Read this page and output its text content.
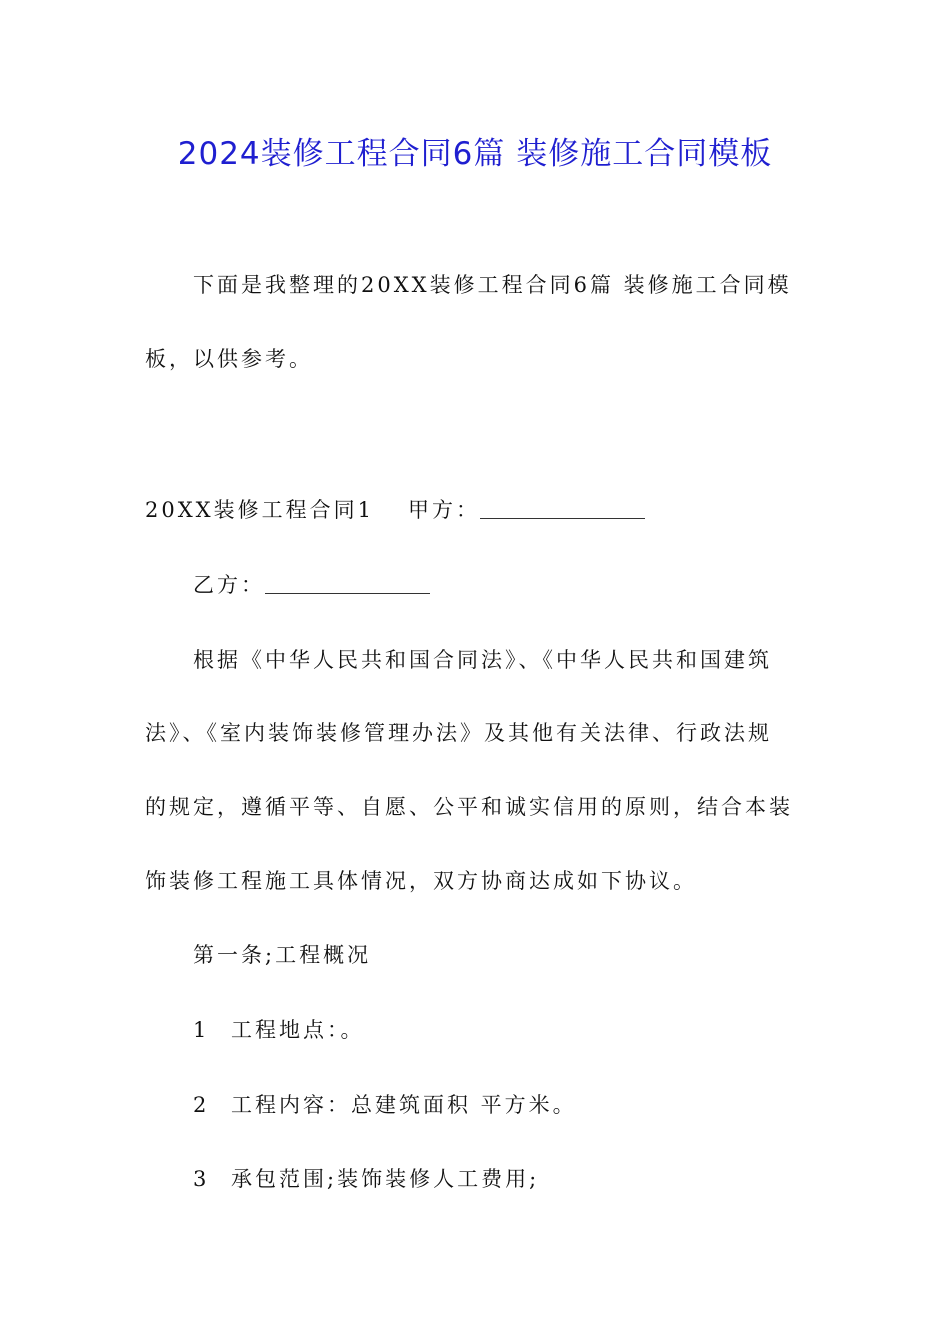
2024装修工程合同6篇 装修施工合同模板
下面是我整理的20XX装修工程合同6篇 装修施工合同模
板，以供参考。
20XX装修工程合同1 甲方：
乙方：
根据《中华人民共和国合同法》、《中华人民共和国建筑
法》、《室内装饰装修管理办法》及其他有关法律、行政法规
的规定，遵循平等、自愿、公平和诚实信用的原则，结合本装
饰装修工程施工具体情况，双方协商达成如下协议。
第一条;工程概况
1 工程地点：。
2 工程内容：总建筑面积 平方米。
3 承包范围;装饰装修人工费用;
